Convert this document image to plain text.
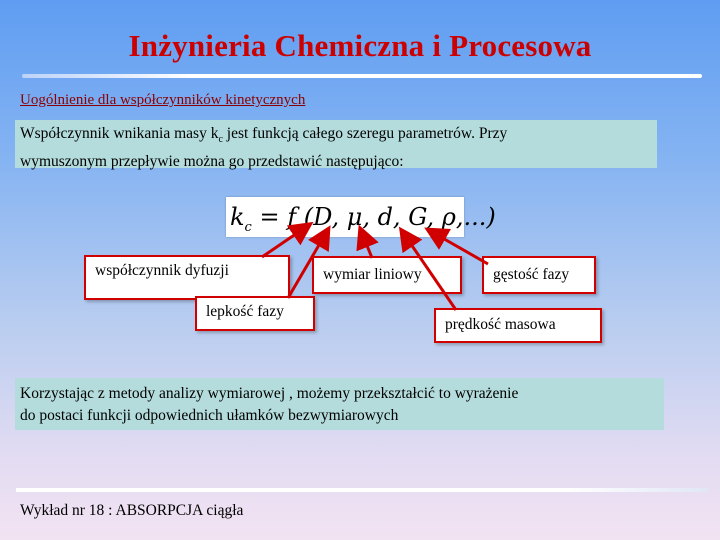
Inżynieria Chemiczna i Procesowa
Uogólnienie dla współczynników kinetycznych
Współczynnik wnikania masy $k_c$ jest funkcją całego szeregu parametrów. Przy
wymuszonym przepływie można go przedstawić następująco:
$k_c = f$ (D, μ, d, G, ρ,...)
współczynnik dyfuzji
lepkość fazy
wymiar liniowy	gęstość fazy
prędkość masowa
Korzystając z metody analizy wymiarowej , możemy przekształcić to wyrażenie
do postaci funkcji odpowiednich ułamków bezwymiarowych
Wykład nr 18 : ABSORPCJA ciągła
